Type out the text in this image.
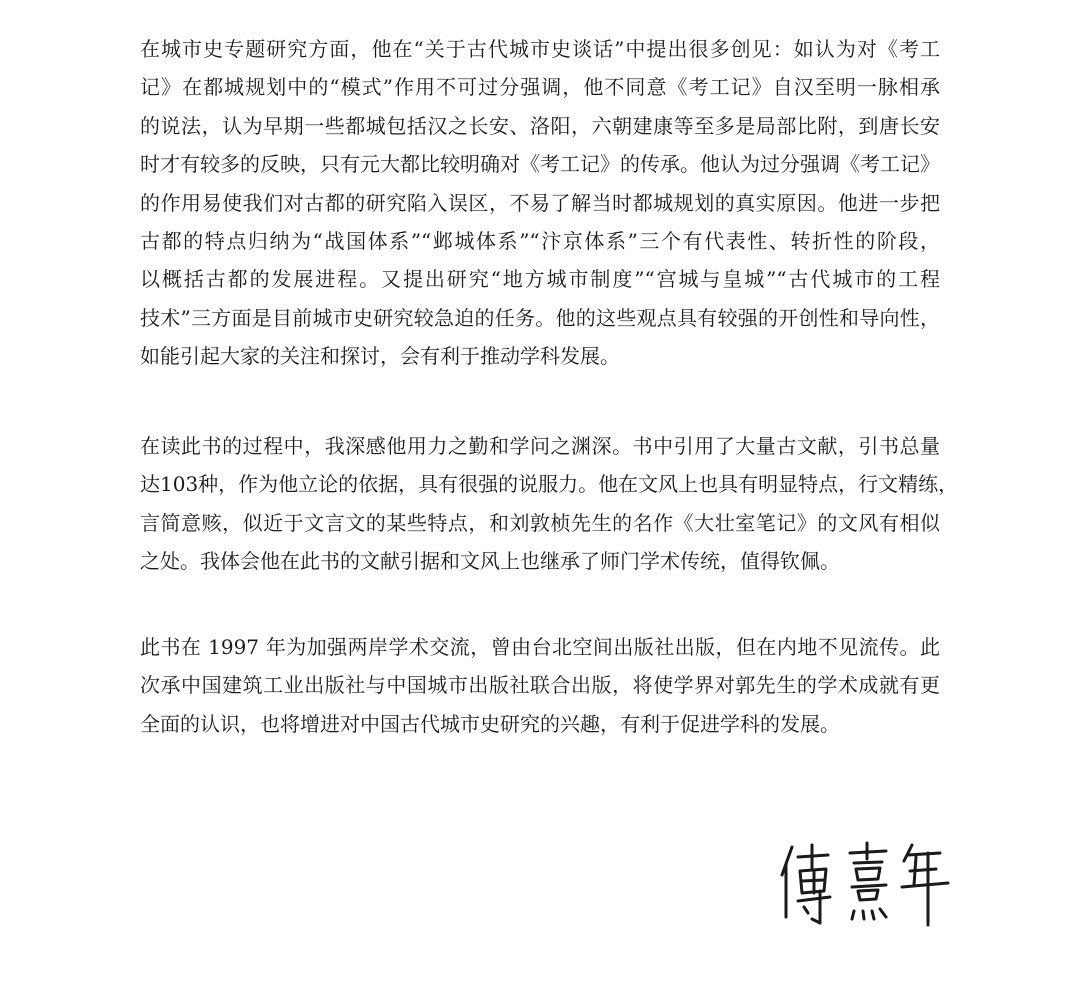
在城市史专题研究方面，他在“关于古代城市史谈话”中提出很多创见：如认为对《考工
记》在都城规划中的“模式”作用不可过分强调，他不同意《考工记》自汉至明一脉相承
的说法，认为早期一些都城包括汉之长安、洛阳，六朝建康等至多是局部比附，到唐长安
时才有较多的反映，只有元大都比较明确对《考工记》的传承。他认为过分强调《考工记》
的作用易使我们对古都的研究陷入误区，不易了解当时都城规划的真实原因。他进一步把
古都的特点归纳为“战国体系”“邺城体系”“汴京体系”三个有代表性、转折性的阶段，
以概括古都的发展进程。又提出研究“地方城市制度”“宫城与皇城”“古代城市的工程
技术”三方面是目前城市史研究较急迫的任务。他的这些观点具有较强的开创性和导向性，
如能引起大家的关注和探讨，会有利于推动学科发展。
在读此书的过程中，我深感他用力之勤和学问之渊深。书中引用了大量古文献，引书总量
达103种，作为他立论的依据，具有很强的说服力。他在文风上也具有明显特点，行文精练，
言简意赅，似近于文言文的某些特点，和刘敦桢先生的名作《大壮室笔记》的文风有相似
之处。我体会他在此书的文献引据和文风上也继承了师门学术传统，值得钦佩。
此书在 1997 年为加强两岸学术交流，曾由台北空间出版社出版，但在内地不见流传。此
次承中国建筑工业出版社与中国城市出版社联合出版，将使学界对郭先生的学术成就有更
全面的认识，也将增进对中国古代城市史研究的兴趣，有利于促进学科的发展。
